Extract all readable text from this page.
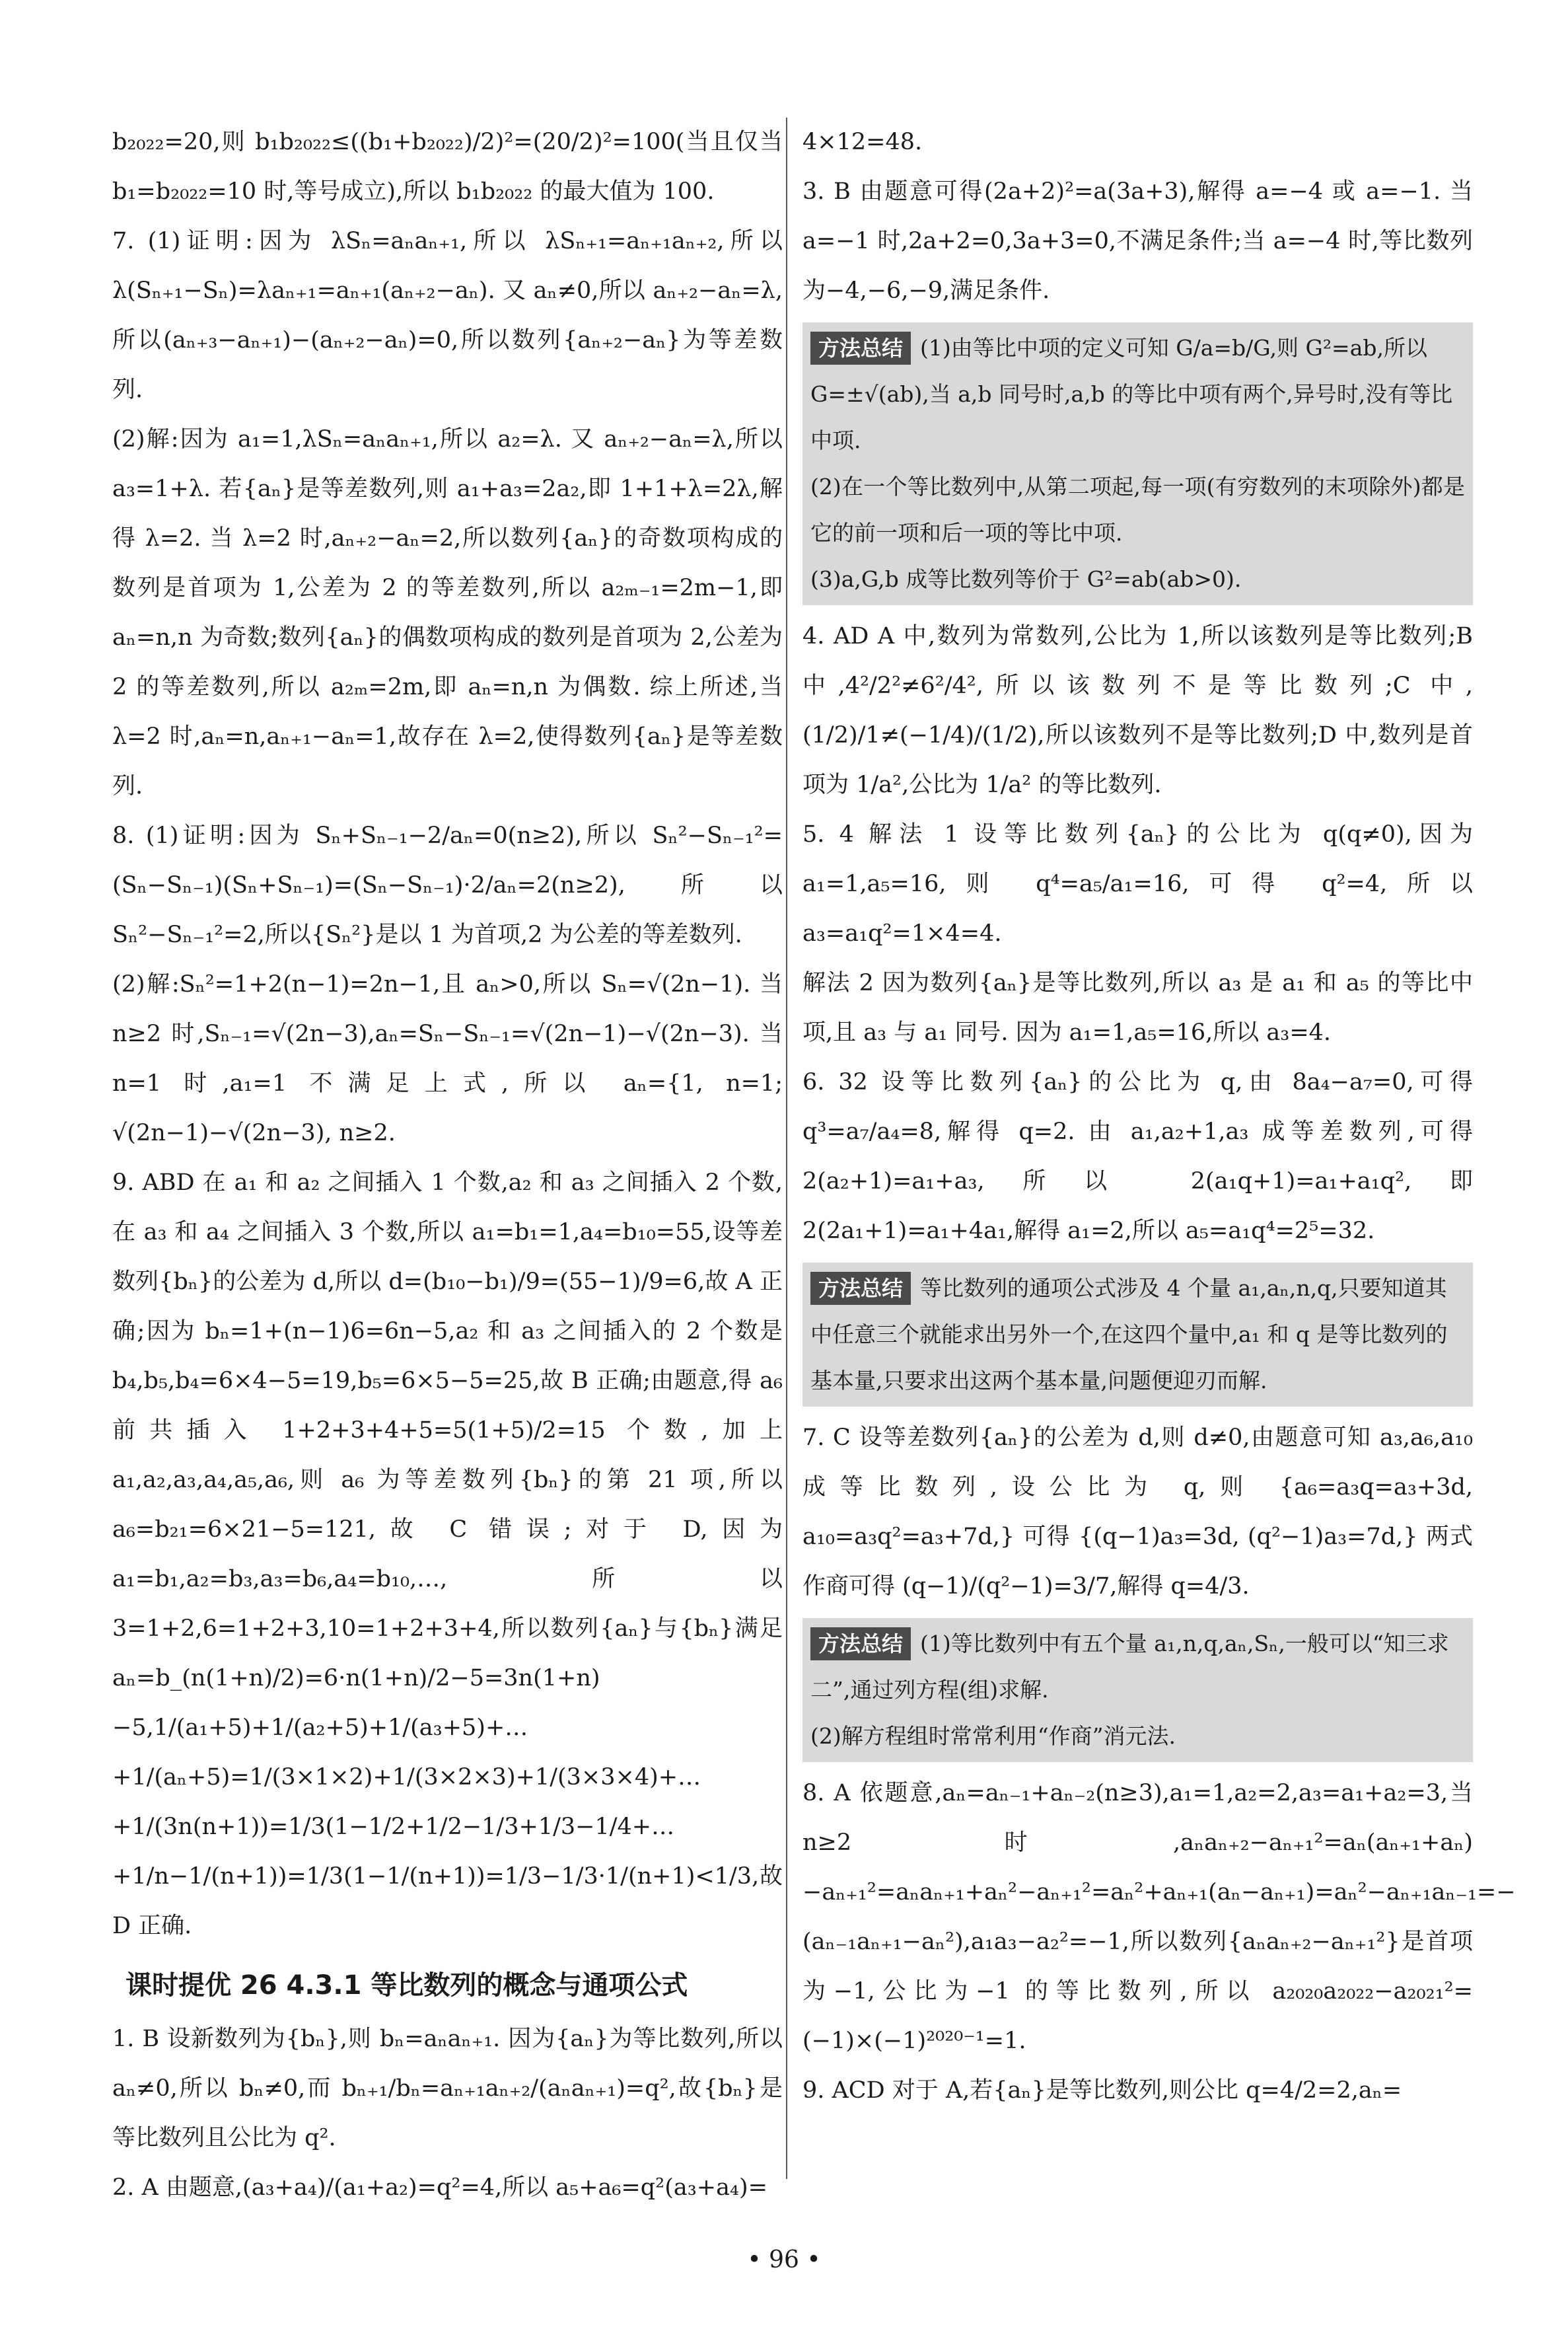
b₂₀₂₂=20,则 b₁b₂₀₂₂≤((b₁+b₂₀₂₂)/2)²=(20/2)²=100(当且仅当 b₁=b₂₀₂₂=10 时,等号成立),所以 b₁b₂₀₂₂ 的最大值为 100.

7. (1)证明:因为 λSₙ=aₙaₙ₊₁,所以 λSₙ₊₁=aₙ₊₁aₙ₊₂,所以 λ(Sₙ₊₁−Sₙ)=λaₙ₊₁=aₙ₊₁(aₙ₊₂−aₙ). 又 aₙ≠0,所以 aₙ₊₂−aₙ=λ,所以(aₙ₊₃−aₙ₊₁)−(aₙ₊₂−aₙ)=0,所以数列{aₙ₊₂−aₙ}为等差数列.

(2)解:因为 a₁=1,λSₙ=aₙaₙ₊₁,所以 a₂=λ. 又 aₙ₊₂−aₙ=λ,所以 a₃=1+λ. 若{aₙ}是等差数列,则 a₁+a₃=2a₂,即 1+1+λ=2λ,解得 λ=2. 当 λ=2 时,aₙ₊₂−aₙ=2,所以数列{aₙ}的奇数项构成的数列是首项为 1,公差为 2 的等差数列,所以 a₂ₘ₋₁=2m−1,即 aₙ=n,n 为奇数;数列{aₙ}的偶数项构成的数列是首项为 2,公差为 2 的等差数列,所以 a₂ₘ=2m,即 aₙ=n,n 为偶数. 综上所述,当 λ=2 时,aₙ=n,aₙ₊₁−aₙ=1,故存在 λ=2,使得数列{aₙ}是等差数列.

8. (1)证明:因为 Sₙ+Sₙ₋₁−2/aₙ=0(n≥2),所以 Sₙ²−Sₙ₋₁²=(Sₙ−Sₙ₋₁)(Sₙ+Sₙ₋₁)=(Sₙ−Sₙ₋₁)·2/aₙ=2(n≥2),所以 Sₙ²−Sₙ₋₁²=2,所以{Sₙ²}是以 1 为首项,2 为公差的等差数列.

(2)解:Sₙ²=1+2(n−1)=2n−1,且 aₙ>0,所以 Sₙ=√(2n−1). 当 n≥2 时,Sₙ₋₁=√(2n−3),aₙ=Sₙ−Sₙ₋₁=√(2n−1)−√(2n−3). 当 n=1 时,a₁=1 不满足上式,所以 aₙ={1, n=1; √(2n−1)−√(2n−3), n≥2.

9. ABD 在 a₁ 和 a₂ 之间插入 1 个数,a₂ 和 a₃ 之间插入 2 个数,在 a₃ 和 a₄ 之间插入 3 个数,所以 a₁=b₁=1,a₄=b₁₀=55,设等差数列{bₙ}的公差为 d,所以 d=(b₁₀−b₁)/9=(55−1)/9=6,故 A 正确;因为 bₙ=1+(n−1)6=6n−5,a₂ 和 a₃ 之间插入的 2 个数是 b₄,b₅,b₄=6×4−5=19,b₅=6×5−5=25,故 B 正确;由题意,得 a₆ 前共插入 1+2+3+4+5=5(1+5)/2=15 个数,加上 a₁,a₂,a₃,a₄,a₅,a₆,则 a₆ 为等差数列{bₙ}的第 21 项,所以 a₆=b₂₁=6×21−5=121,故 C 错误;对于 D,因为 a₁=b₁,a₂=b₃,a₃=b₆,a₄=b₁₀,…,所以 3=1+2,6=1+2+3,10=1+2+3+4,所以数列{aₙ}与{bₙ}满足 aₙ=b_(n(1+n)/2)=6·n(1+n)/2−5=3n(1+n)−5,1/(a₁+5)+1/(a₂+5)+1/(a₃+5)+…+1/(aₙ+5)=1/(3×1×2)+1/(3×2×3)+1/(3×3×4)+…+1/(3n(n+1))=1/3(1−1/2+1/2−1/3+1/3−1/4+…+1/n−1/(n+1))=1/3(1−1/(n+1))=1/3−1/3·1/(n+1)<1/3,故 D 正确.

课时提优 26 4.3.1 等比数列的概念与通项公式

1. B 设新数列为{bₙ},则 bₙ=aₙaₙ₊₁. 因为{aₙ}为等比数列,所以 aₙ≠0,所以 bₙ≠0,而 bₙ₊₁/bₙ=aₙ₊₁aₙ₊₂/(aₙaₙ₊₁)=q²,故{bₙ}是等比数列且公比为 q².

2. A 由题意,(a₃+a₄)/(a₁+a₂)=q²=4,所以 a₅+a₆=q²(a₃+a₄)=

4×12=48.

3. B 由题意可得(2a+2)²=a(3a+3),解得 a=−4 或 a=−1. 当 a=−1 时,2a+2=0,3a+3=0,不满足条件;当 a=−4 时,等比数列为−4,−6,−9,满足条件.

方法总结 (1)由等比中项的定义可知 G/a=b/G,则 G²=ab,所以 G=±√(ab),当 a,b 同号时,a,b 的等比中项有两个,异号时,没有等比中项.

(2)在一个等比数列中,从第二项起,每一项(有穷数列的末项除外)都是它的前一项和后一项的等比中项.

(3)a,G,b 成等比数列等价于 G²=ab(ab>0).

4. AD A 中,数列为常数列,公比为 1,所以该数列是等比数列;B 中,4²/2²≠6²/4²,所以该数列不是等比数列;C 中,(1/2)/1≠(−1/4)/(1/2),所以该数列不是等比数列;D 中,数列是首项为 1/a²,公比为 1/a² 的等比数列.

5. 4 解法 1 设等比数列{aₙ}的公比为 q(q≠0),因为 a₁=1,a₅=16,则 q⁴=a₅/a₁=16,可得 q²=4,所以 a₃=a₁q²=1×4=4.

解法 2 因为数列{aₙ}是等比数列,所以 a₃ 是 a₁ 和 a₅ 的等比中项,且 a₃ 与 a₁ 同号. 因为 a₁=1,a₅=16,所以 a₃=4.

6. 32 设等比数列{aₙ}的公比为 q,由 8a₄−a₇=0,可得 q³=a₇/a₄=8,解得 q=2. 由 a₁,a₂+1,a₃ 成等差数列,可得 2(a₂+1)=a₁+a₃,所以 2(a₁q+1)=a₁+a₁q²,即 2(2a₁+1)=a₁+4a₁,解得 a₁=2,所以 a₅=a₁q⁴=2⁵=32.

方法总结 等比数列的通项公式涉及 4 个量 a₁,aₙ,n,q,只要知道其中任意三个就能求出另外一个,在这四个量中,a₁ 和 q 是等比数列的基本量,只要求出这两个基本量,问题便迎刃而解.

7. C 设等差数列{aₙ}的公差为 d,则 d≠0,由题意可知 a₃,a₆,a₁₀ 成等比数列,设公比为 q,则 {a₆=a₃q=a₃+3d, a₁₀=a₃q²=a₃+7d,} 可得 {(q−1)a₃=3d, (q²−1)a₃=7d,} 两式作商可得 (q−1)/(q²−1)=3/7,解得 q=4/3.

方法总结 (1)等比数列中有五个量 a₁,n,q,aₙ,Sₙ,一般可以“知三求二”,通过列方程(组)求解.

(2)解方程组时常常利用“作商”消元法.

8. A 依题意,aₙ=aₙ₋₁+aₙ₋₂(n≥3),a₁=1,a₂=2,a₃=a₁+a₂=3,当 n≥2 时,aₙaₙ₊₂−aₙ₊₁²=aₙ(aₙ₊₁+aₙ)−aₙ₊₁²=aₙaₙ₊₁+aₙ²−aₙ₊₁²=aₙ²+aₙ₊₁(aₙ−aₙ₊₁)=aₙ²−aₙ₊₁aₙ₋₁=−(aₙ₋₁aₙ₊₁−aₙ²),a₁a₃−a₂²=−1,所以数列{aₙaₙ₊₂−aₙ₊₁²}是首项为−1,公比为−1 的等比数列,所以 a₂₀₂₀a₂₀₂₂−a₂₀₂₁²=(−1)×(−1)²⁰²⁰⁻¹=1.

9. ACD 对于 A,若{aₙ}是等比数列,则公比 q=4/2=2,aₙ=

• 96 •
